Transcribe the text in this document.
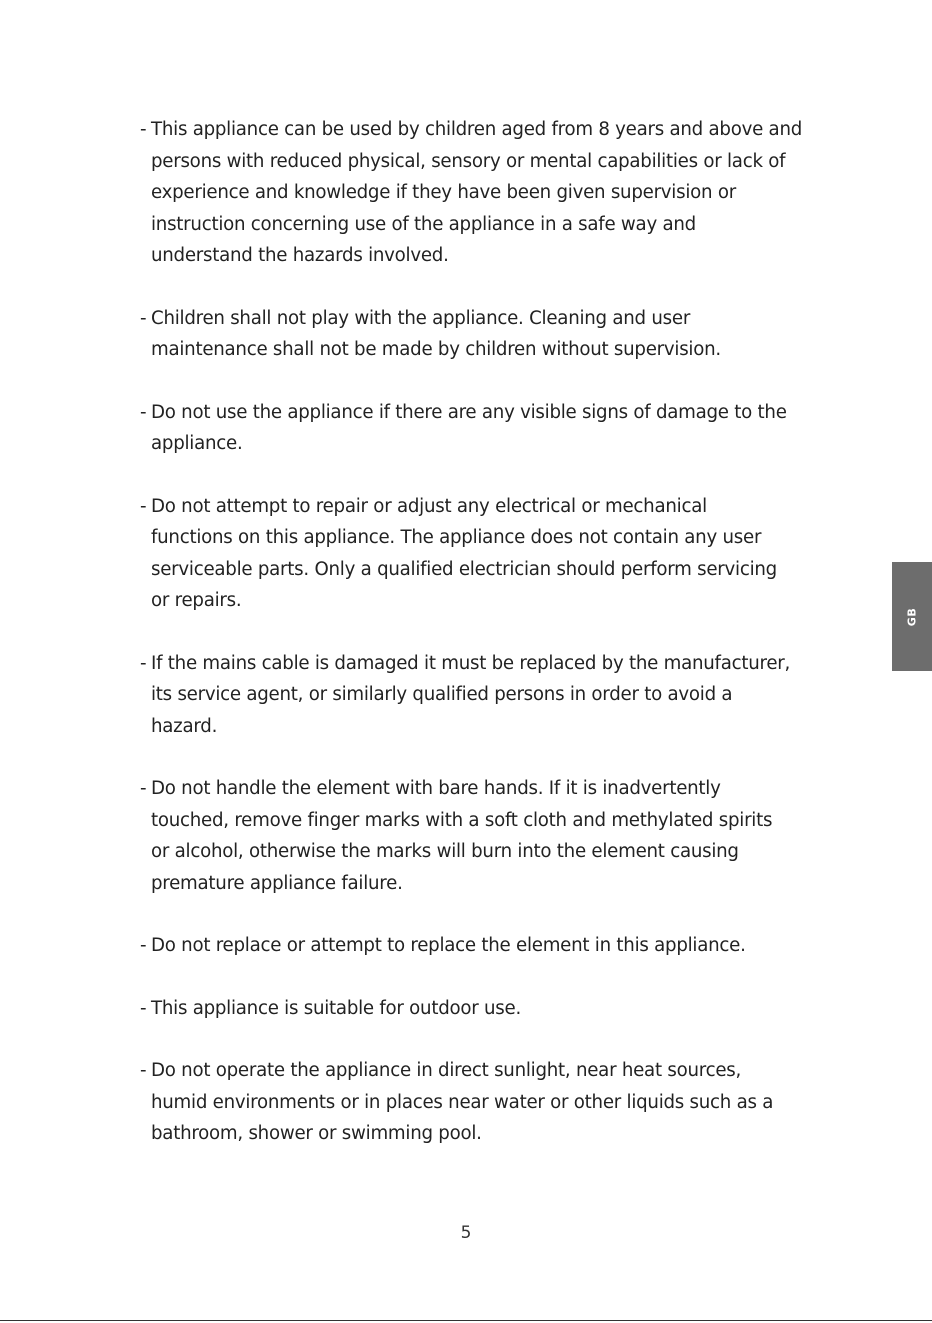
- This appliance can be used by children aged from 8 years and above and
persons with reduced physical, sensory or mental capabilities or lack of
experience and knowledge if they have been given supervision or
instruction concerning use of the appliance in a safe way and
understand the hazards involved.
- Children shall not play with the appliance. Cleaning and user
maintenance shall not be made by children without supervision.
- Do not use the appliance if there are any visible signs of damage to the
appliance.
- Do not attempt to repair or adjust any electrical or mechanical
functions on this appliance. The appliance does not contain any user
serviceable parts. Only a qualified electrician should perform servicing
or repairs.
- If the mains cable is damaged it must be replaced by the manufacturer,
its service agent, or similarly qualified persons in order to avoid a
hazard.
- Do not handle the element with bare hands. If it is inadvertently
touched, remove finger marks with a soft cloth and methylated spirits
or alcohol, otherwise the marks will burn into the element causing
premature appliance failure.
- Do not replace or attempt to replace the element in this appliance.
- This appliance is suitable for outdoor use.
- Do not operate the appliance in direct sunlight, near heat sources,
humid environments or in places near water or other liquids such as a
bathroom, shower or swimming pool.
GB
5
